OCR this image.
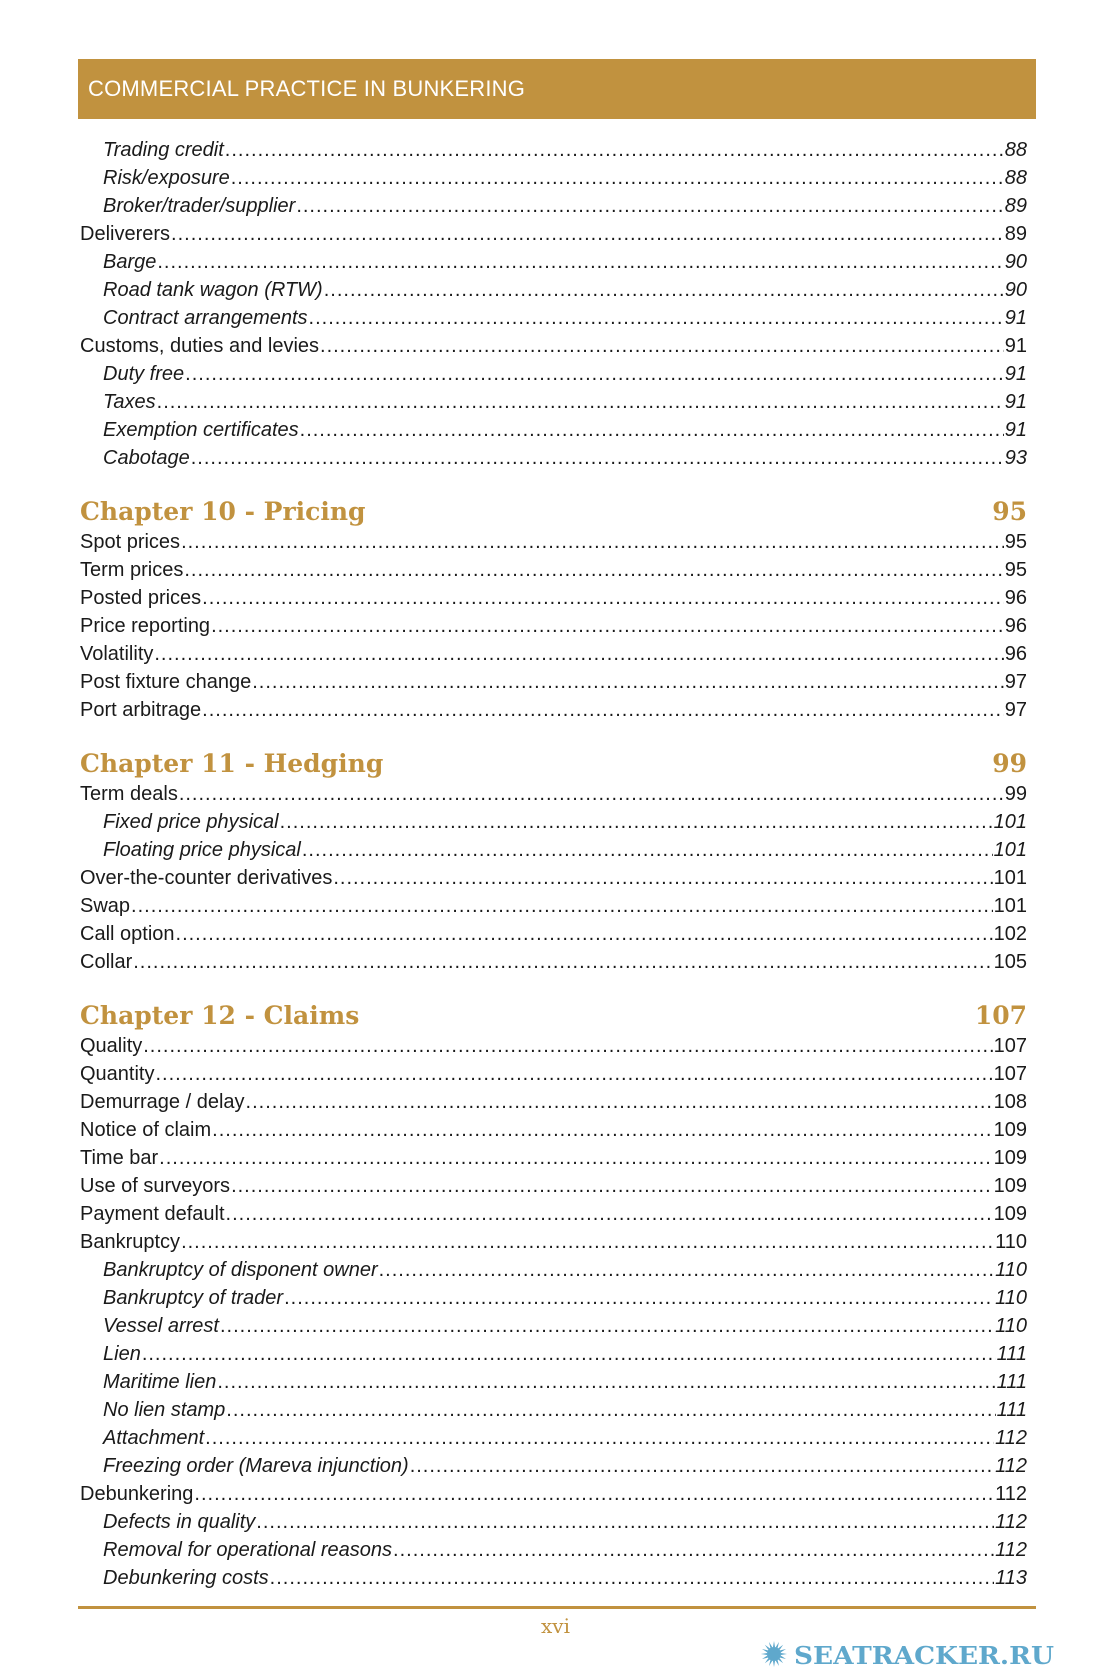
COMMERCIAL PRACTICE IN BUNKERING
Trading credit .....	88
Risk/exposure .....	88
Broker/trader/supplier .....	89
Deliverers .....	89
Barge .....	90
Road tank wagon (RTW) .....	90
Contract arrangements .....	91
Customs, duties and levies .....	91
Duty free .....	91
Taxes .....	91
Exemption certificates .....	91
Cabotage .....	93
Chapter 10 - Pricing	95
Spot prices .....	95
Term prices .....	95
Posted prices .....	96
Price reporting .....	96
Volatility .....	96
Post fixture change .....	97
Port arbitrage .....	97
Chapter 11 - Hedging	99
Term deals .....	99
Fixed price physical .....	101
Floating price physical .....	101
Over-the-counter derivatives .....	101
Swap .....	101
Call option .....	102
Collar .....	105
Chapter 12 - Claims	107
Quality .....	107
Quantity .....	107
Demurrage / delay .....	108
Notice of claim .....	109
Time bar .....	109
Use of surveyors .....	109
Payment default .....	109
Bankruptcy .....	110
Bankruptcy of disponent owner .....	110
Bankruptcy of trader .....	110
Vessel arrest .....	110
Lien .....	111
Maritime lien .....	111
No lien stamp .....	111
Attachment .....	112
Freezing order (Mareva injunction) .....	112
Debunkering .....	112
Defects in quality .....	112
Removal for operational reasons .....	112
Debunkering costs .....	113
xvi
SEATRACKER.RU
